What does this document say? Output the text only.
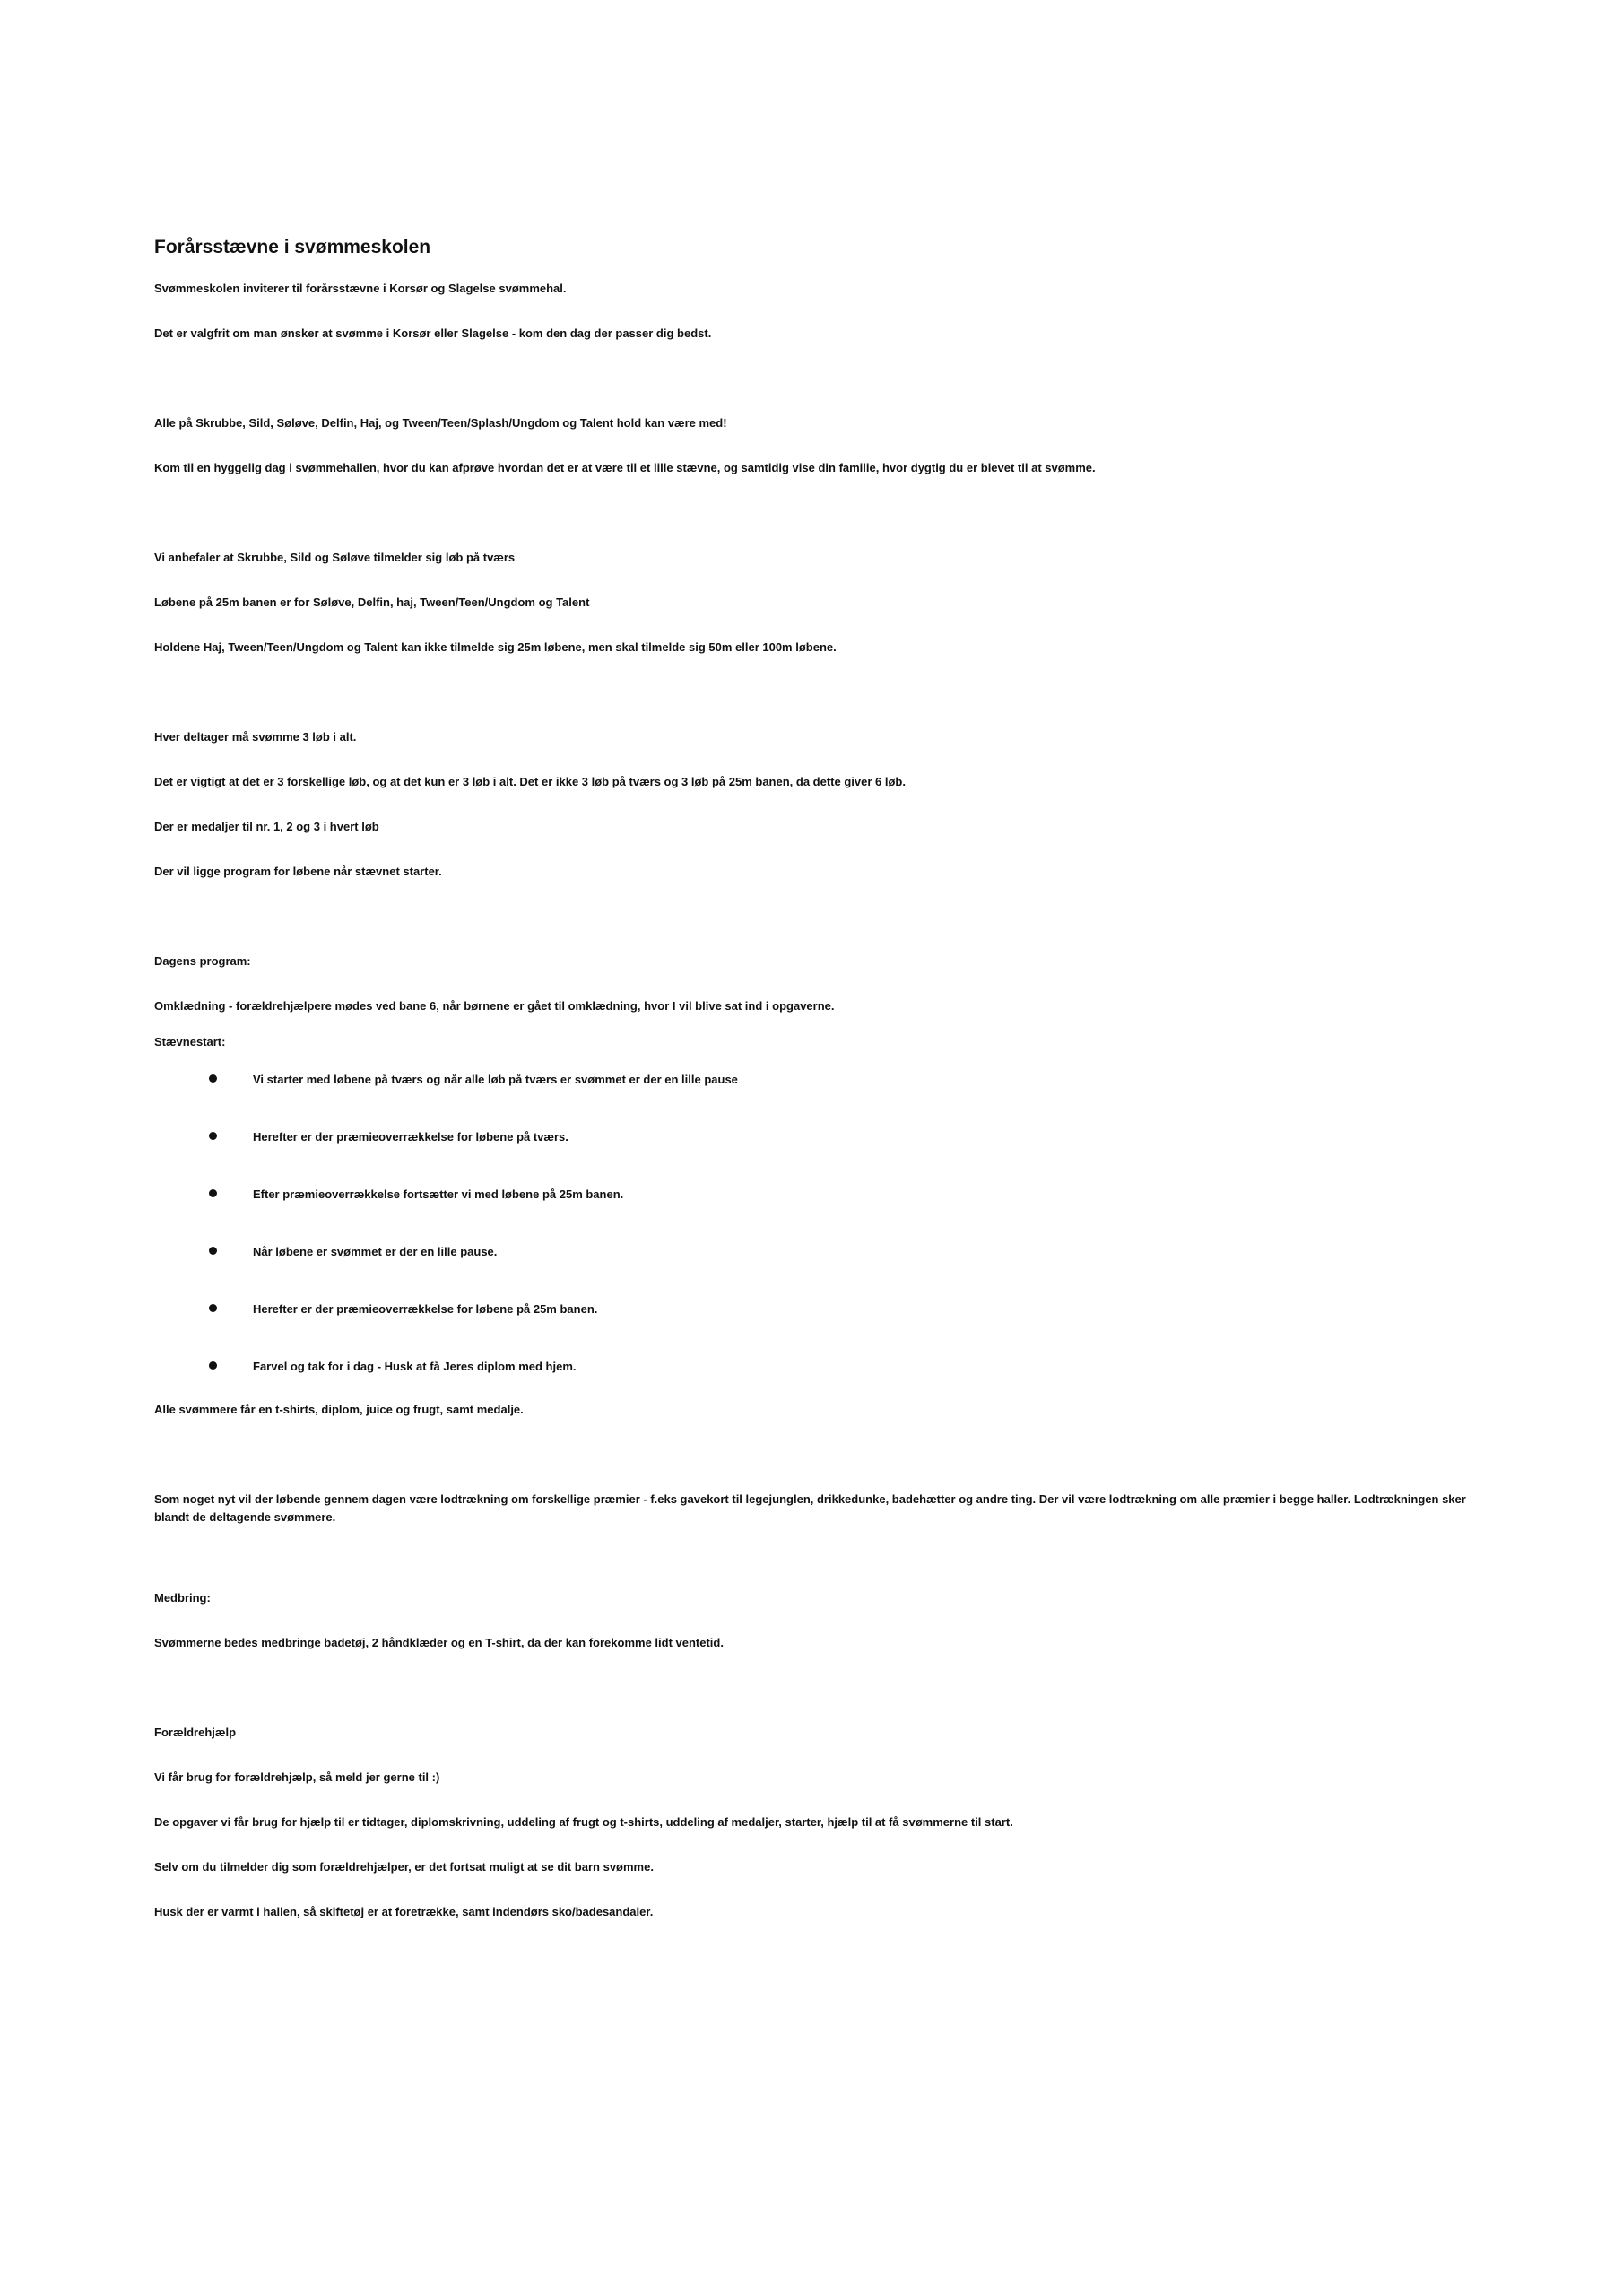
Forårsstævne i svømmeskolen

Svømmeskolen inviterer til forårsstævne i Korsør og Slagelse svømmehal.

Det er valgfrit om man ønsker at svømme i Korsør eller Slagelse - kom den dag der passer dig bedst.

Alle på Skrubbe, Sild, Søløve, Delfin, Haj, og Tween/Teen/Splash/Ungdom og Talent hold kan være med!

Kom til en hyggelig dag i svømmehallen, hvor du kan afprøve hvordan det er at være til et lille stævne, og samtidig vise din familie, hvor dygtig du er blevet til at svømme.

Vi anbefaler at Skrubbe, Sild og Søløve tilmelder sig løb på tværs

Løbene på 25m banen er for Søløve, Delfin, haj, Tween/Teen/Ungdom og Talent

Holdene Haj, Tween/Teen/Ungdom og Talent kan ikke tilmelde sig 25m løbene, men skal tilmelde sig 50m eller 100m løbene.

Hver deltager må svømme 3 løb i alt.

Det er vigtigt at det er 3 forskellige løb, og at det kun er 3 løb i alt. Det er ikke 3 løb på tværs og 3 løb på 25m banen, da dette giver 6 løb.

Der er medaljer til nr. 1, 2 og 3 i hvert løb

Der vil ligge program for løbene når stævnet starter.

Dagens program:

Omklædning - forældrehjælpere mødes ved bane 6, når børnene er gået til omklædning, hvor I vil blive sat ind i opgaverne.

Stævnestart:

Vi starter med løbene på tværs og når alle løb på tværs er svømmet er der en lille pause
Herefter er der præmieoverrækkelse for løbene på tværs.
Efter præmieoverrækkelse fortsætter vi med løbene på 25m banen.
Når løbene er svømmet er der en lille pause.
Herefter er der præmieoverrækkelse for løbene på 25m banen.
Farvel og tak for i dag - Husk at få Jeres diplom med hjem.

Alle svømmere får en t-shirts, diplom, juice og frugt, samt medalje.

Som noget nyt vil der løbende gennem dagen være lodtrækning om forskellige præmier - f.eks gavekort til legejunglen, drikkedunke, badehætter og andre ting. Der vil være lodtrækning om alle præmier i begge haller. Lodtrækningen sker blandt de deltagende svømmere.

Medbring:

Svømmerne bedes medbringe badetøj, 2 håndklæder og en T-shirt, da der kan forekomme lidt ventetid.

Forældrehjælp

Vi får brug for forældrehjælp, så meld jer gerne til :)

De opgaver vi får brug for hjælp til er tidtager, diplomskrivning, uddeling af frugt og t-shirts, uddeling af medaljer, starter, hjælp til at få svømmerne til start.

Selv om du tilmelder dig som forældrehjælper, er det fortsat muligt at se dit barn svømme.

Husk der er varmt i hallen, så skiftetøj er at foretrække, samt indendørs sko/badesandaler.
